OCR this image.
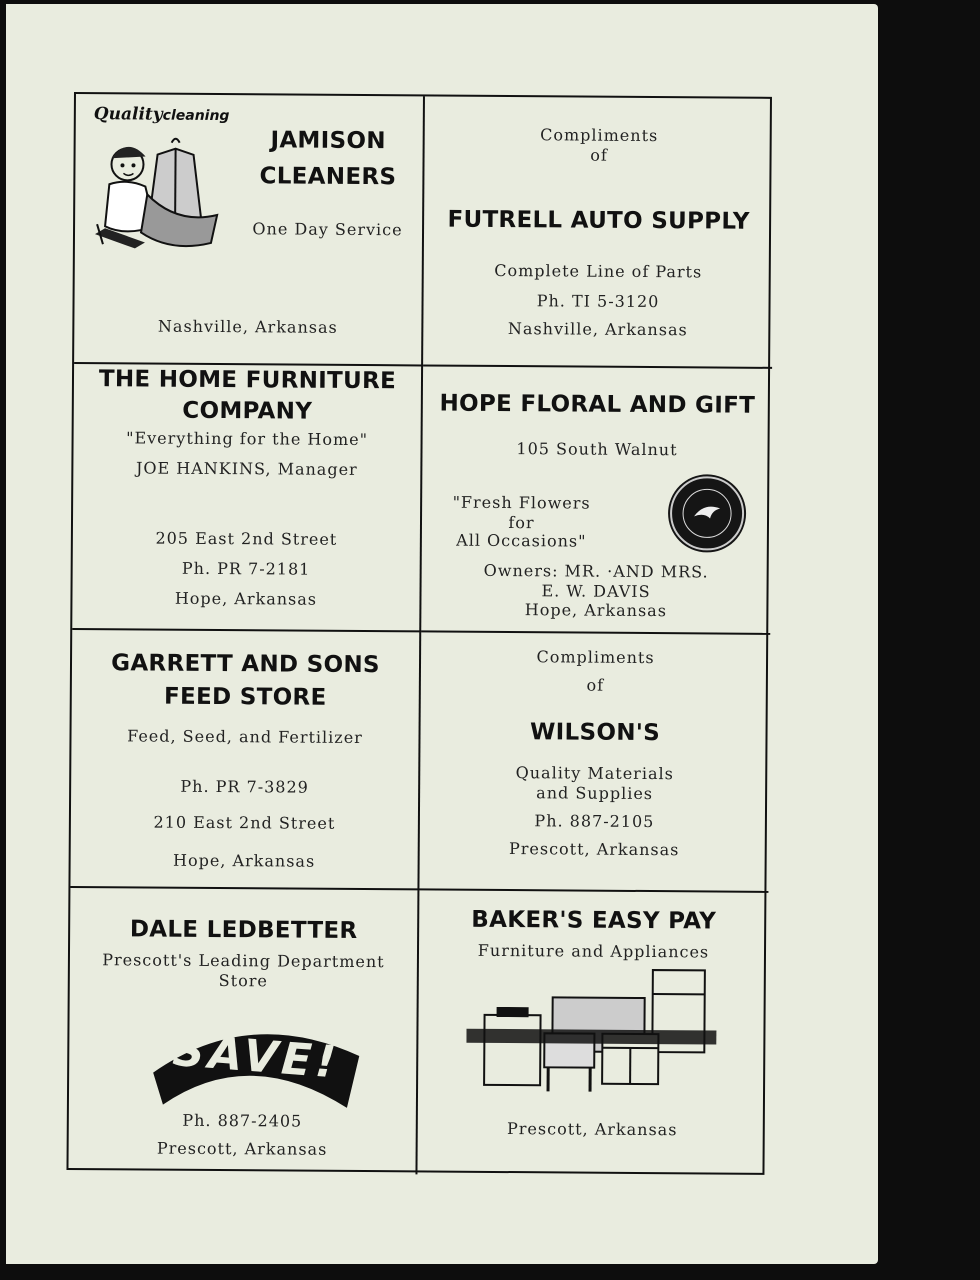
Qualitycleaning
JAMISON
CLEANERS
One Day Service
Nashville, Arkansas
Compliments
of
FUTRELL AUTO SUPPLY
Complete Line of Parts
Ph. TI 5-3120
Nashville, Arkansas
THE HOME FURNITURE
COMPANY
"Everything for the Home"
JOE HANKINS, Manager
205 East 2nd Street
Ph. PR 7-2181
Hope, Arkansas
HOPE FLORAL AND GIFT
105 South Walnut
"Fresh Flowers
for
All Occasions"
Owners: MR. ·AND MRS.
E. W. DAVIS
Hope, Arkansas
GARRETT AND SONS
FEED STORE
Feed, Seed, and Fertilizer
Ph. PR 7-3829
210 East 2nd Street
Hope, Arkansas
Compliments
of
WILSON'S
Quality Materials
and Supplies
Ph. 887-2105
Prescott, Arkansas
DALE LEDBETTER
Prescott's Leading Department
Store
SAVE!
Ph. 887-2405
Prescott, Arkansas
BAKER'S EASY PAY
Furniture and Appliances
Prescott, Arkansas
